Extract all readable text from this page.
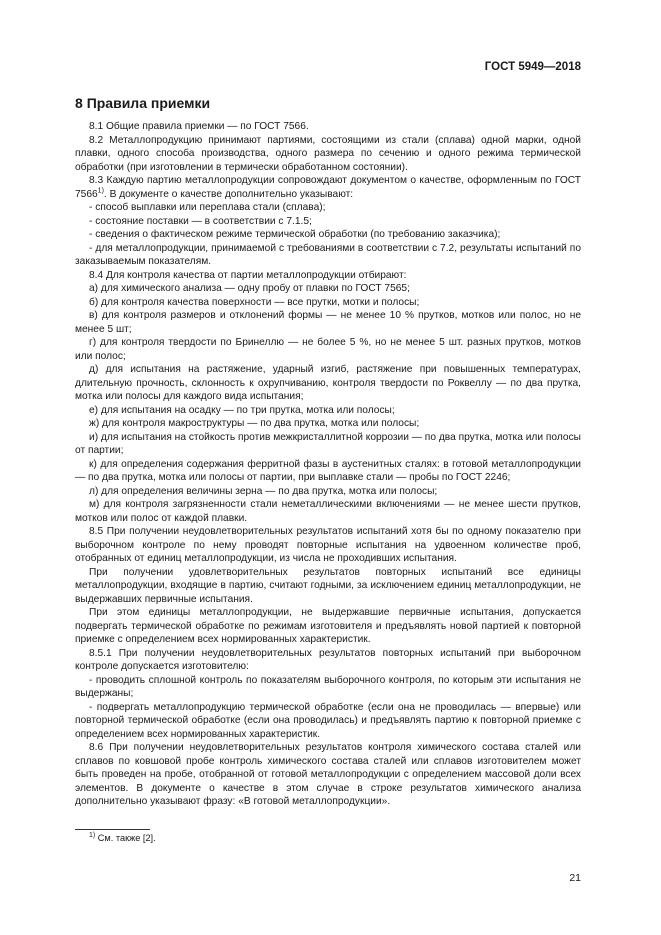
ГОСТ 5949—2018
8 Правила приемки

8.1 Общие правила приемки — по ГОСТ 7566.

8.2 Металлопродукцию принимают партиями, состоящими из стали (сплава) одной марки, одной плавки, одного способа производства, одного размера по сечению и одного режима термической обработки (при изготовлении в термически обработанном состоянии).

8.3 Каждую партию металлопродукции сопровождают документом о качестве, оформленным по ГОСТ 7566$^{1)}$. В документе о качестве дополнительно указывают:

- способ выплавки или переплава стали (сплава);

- состояние поставки — в соответствии с 7.1.5;

- сведения о фактическом режиме термической обработки (по требованию заказчика);

- для металлопродукции, принимаемой с требованиями в соответствии с 7.2, результаты испытаний по заказываемым показателям.

8.4 Для контроля качества от партии металлопродукции отбирают:

а) для химического анализа — одну пробу от плавки по ГОСТ 7565;

б) для контроля качества поверхности — все прутки, мотки и полосы;

в) для контроля размеров и отклонений формы — не менее 10 % прутков, мотков или полос, но не менее 5 шт;

г) для контроля твердости по Бринеллю — не более 5 %, но не менее 5 шт. разных прутков, мотков или полос;

д) для испытания на растяжение, ударный изгиб, растяжение при повышенных температурах, длительную прочность, склонность к охрупчиванию, контроля твердости по Роквеллу — по два прутка, мотка или полосы для каждого вида испытания;

е) для испытания на осадку — по три прутка, мотка или полосы;

ж) для контроля макроструктуры — по два прутка, мотка или полосы;

и) для испытания на стойкость против межкристаллитной коррозии — по два прутка, мотка или полосы от партии;

к) для определения содержания ферритной фазы в аустенитных сталях: в готовой металлопродукции — по два прутка, мотка или полосы от партии, при выплавке стали — пробы по ГОСТ 2246;

л) для определения величины зерна — по два прутка, мотка или полосы;

м) для контроля загрязненности стали неметаллическими включениями — не менее шести прутков, мотков или полос от каждой плавки.

8.5 При получении неудовлетворительных результатов испытаний хотя бы по одному показателю при выборочном контроле по нему проводят повторные испытания на удвоенном количестве проб, отобранных от единиц металлопродукции, из числа не проходивших испытания.

При получении удовлетворительных результатов повторных испытаний все единицы металлопродукции, входящие в партию, считают годными, за исключением единиц металлопродукции, не выдержавших первичные испытания.

При этом единицы металлопродукции, не выдержавшие первичные испытания, допускается подвергать термической обработке по режимам изготовителя и предъявлять новой партией к повторной приемке с определением всех нормированных характеристик.

8.5.1 При получении неудовлетворительных результатов повторных испытаний при выборочном контроле допускается изготовителю:

- проводить сплошной контроль по показателям выборочного контроля, по которым эти испытания не выдержаны;

- подвергать металлопродукцию термической обработке (если она не проводилась — впервые) или повторной термической обработке (если она проводилась) и предъявлять партию к повторной приемке с определением всех нормированных характеристик.

8.6 При получении неудовлетворительных результатов контроля химического состава сталей или сплавов по ковшовой пробе контроль химического состава сталей или сплавов изготовителем может быть проведен на пробе, отобранной от готовой металлопродукции с определением массовой доли всех элементов. В документе о качестве в этом случае в строке результатов химического анализа дополнительно указывают фразу: «В готовой металлопродукции».

$^{1)}$ См. также [2].
21
